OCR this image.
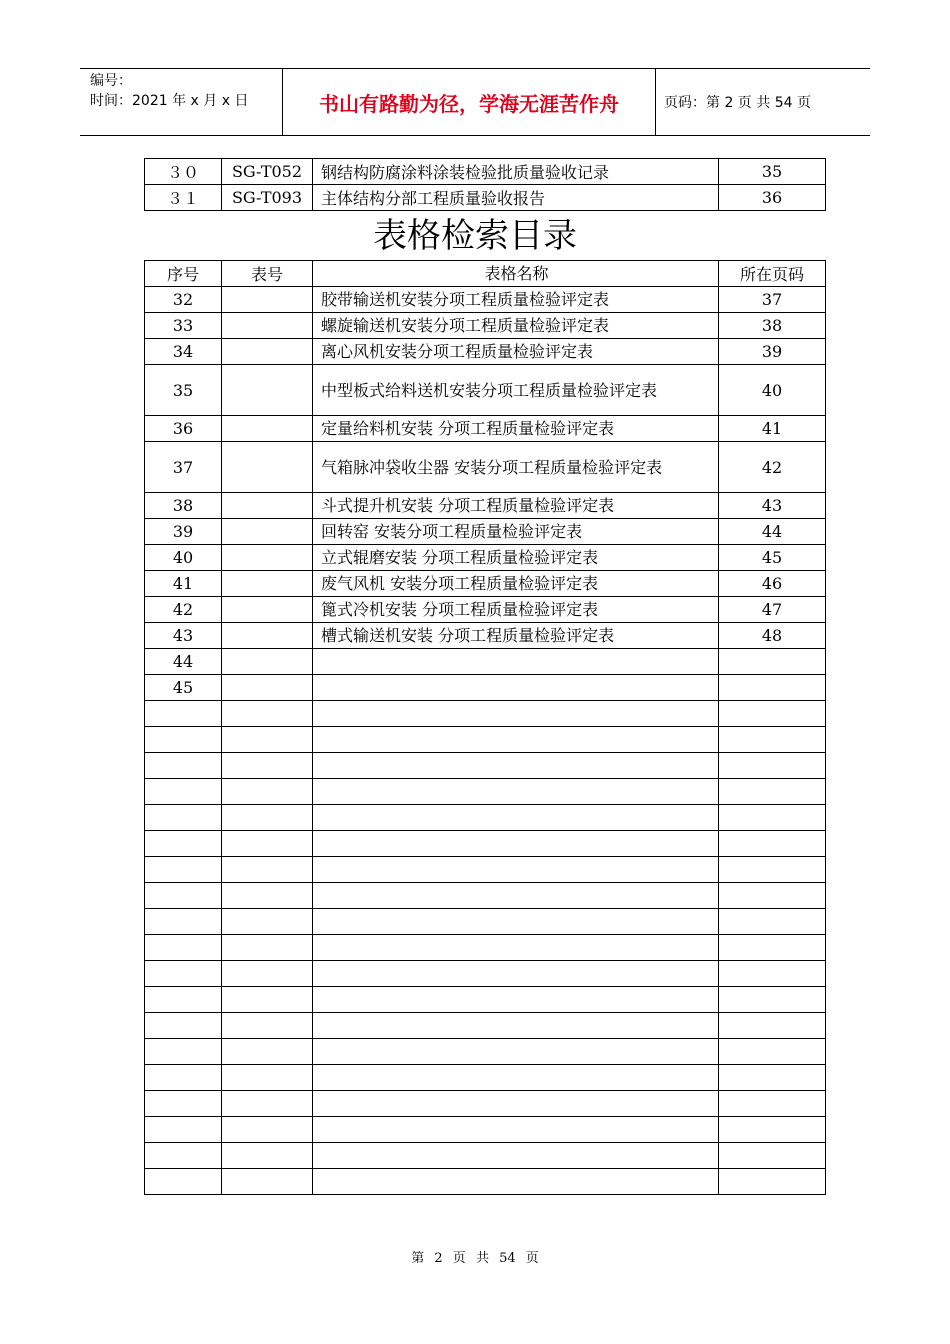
编号：
时间：2021 年 x 月 x 日	书山有路勤为径，学海无涯苦作舟	页码：第 2 页 共 54 页
３０	SG-T052	钢结构防腐涂料涂装检验批质量验收记录	35
３１	SG-T093	主体结构分部工程质量验收报告	36
表格检索目录
序号	表号	表格名称	所在页码
32		胶带输送机安装分项工程质量检验评定表	37
33		螺旋输送机安装分项工程质量检验评定表	38
34		离心风机安装分项工程质量检验评定表	39
35		中型板式给料送机安装分项工程质量检验评定表	40
36		定量给料机安装 分项工程质量检验评定表	41
37		气箱脉冲袋收尘器 安装分项工程质量检验评定表	42
38		斗式提升机安装 分项工程质量检验评定表	43
39		回转窑 安装分项工程质量检验评定表	44
40		立式辊磨安装 分项工程质量检验评定表	45
41		废气风机 安装分项工程质量检验评定表	46
42		篦式冷机安装 分项工程质量检验评定表	47
43		槽式输送机安装 分项工程质量检验评定表	48
44			
45			

第 2 页 共 54 页
